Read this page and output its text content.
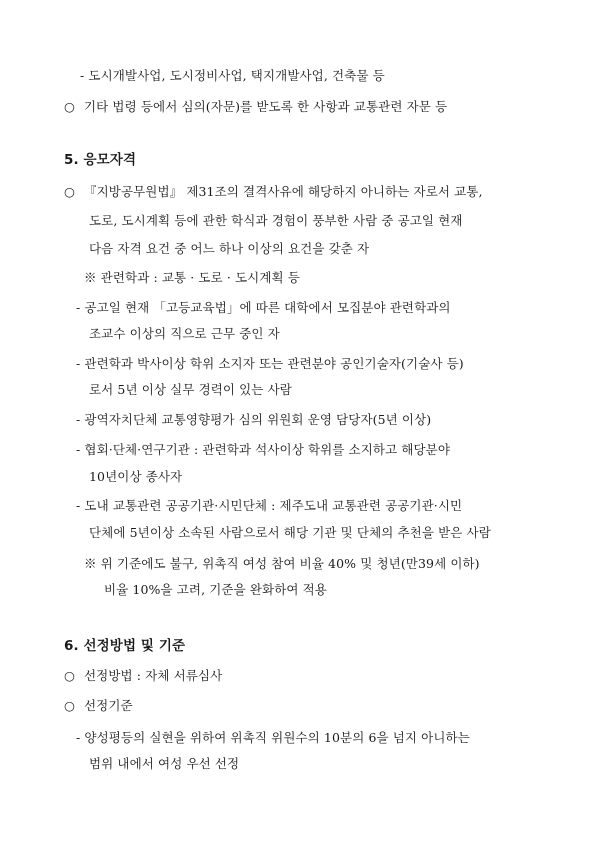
- 도시개발사업, 도시정비사업, 택지개발사업, 건축물 등
○ 기타 법령 등에서 심의(자문)를 받도록 한 사항과 교통관련 자문 등
5. 응모자격
○ 『지방공무원법』 제31조의 결격사유에 해당하지 아니하는 자로서 교통,
도로, 도시계획 등에 관한 학식과 경험이 풍부한 사람 중 공고일 현재
다음 자격 요건 중 어느 하나 이상의 요건을 갖춘 자
※ 관련학과 : 교통 · 도로 · 도시계획 등
- 공고일 현재 「고등교육법」에 따른 대학에서 모집분야 관련학과의
조교수 이상의 직으로 근무 중인 자
- 관련학과 박사이상 학위 소지자 또는 관련분야 공인기술자(기술사 등)
로서 5년 이상 실무 경력이 있는 사람
- 광역자치단체 교통영향평가 심의 위원회 운영 담당자(5년 이상)
- 협회·단체·연구기관 : 관련학과 석사이상 학위를 소지하고 해당분야
10년이상 종사자
- 도내 교통관련 공공기관·시민단체 : 제주도내 교통관련 공공기관·시민
단체에 5년이상 소속된 사람으로서 해당 기관 및 단체의 추천을 받은 사람
※ 위 기준에도 불구, 위촉직 여성 참여 비율 40% 및 청년(만39세 이하)
비율 10%을 고려, 기준을 완화하여 적용
6. 선정방법 및 기준
○ 선정방법 : 자체 서류심사
○ 선정기준
- 양성평등의 실현을 위하여 위촉직 위원수의 10분의 6을 넘지 아니하는
범위 내에서 여성 우선 선정
